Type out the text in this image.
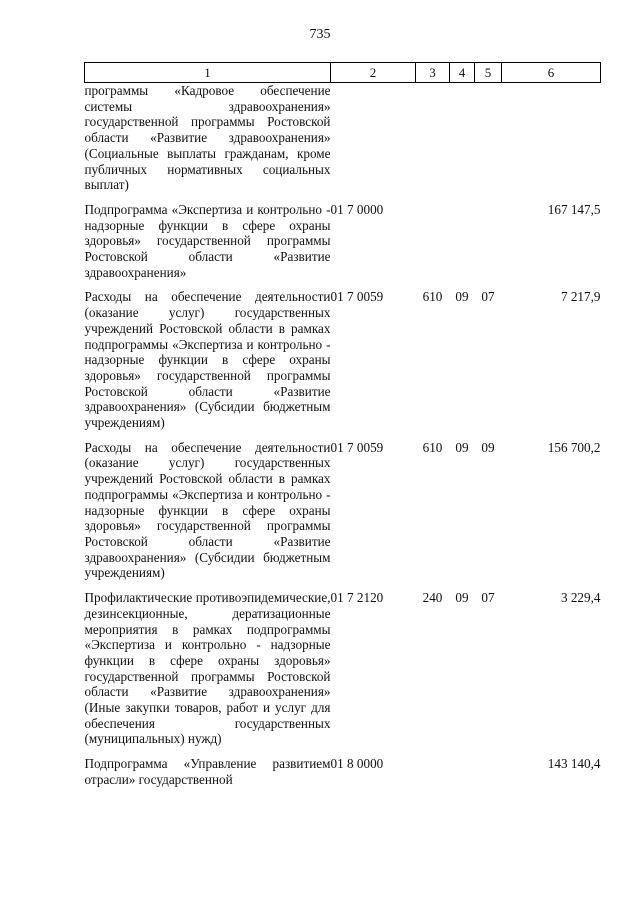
735
1	2	3	4	5	6
программы «Кадровое обеспечение системы здравоохранения» государственной программы Ростовской области «Развитие здравоохранения» (Социальные выплаты гражданам, кроме публичных нормативных социальных выплат)					
Подпрограмма «Экспертиза и контрольно - надзорные функции в сфере охраны здоровья» государственной программы Ростовской области «Развитие здравоохранения»	01 7 0000				167 147,5
Расходы на обеспечение деятельности (оказание услуг) государственных учреждений Ростовской области в рамках подпрограммы «Экспертиза и контрольно - надзорные функции в сфере охраны здоровья» государственной программы Ростовской области «Развитие здравоохранения» (Субсидии бюджетным учреждениям)	01 7 0059	610	09	07	7 217,9
Расходы на обеспечение деятельности (оказание услуг) государственных учреждений Ростовской области в рамках подпрограммы «Экспертиза и контрольно - надзорные функции в сфере охраны здоровья» государственной программы Ростовской области «Развитие здравоохранения» (Субсидии бюджетным учреждениям)	01 7 0059	610	09	09	156 700,2
Профилактические противоэпидемические, дезинсекционные, дератизационные мероприятия в рамках подпрограммы «Экспертиза и контрольно - надзорные функции в сфере охраны здоровья» государственной программы Ростовской области «Развитие здравоохранения» (Иные закупки товаров, работ и услуг для обеспечения государственных (муниципальных) нужд)	01 7 2120	240	09	07	3 229,4
Подпрограмма «Управление развитием отрасли» государственной	01 8 0000				143 140,4
